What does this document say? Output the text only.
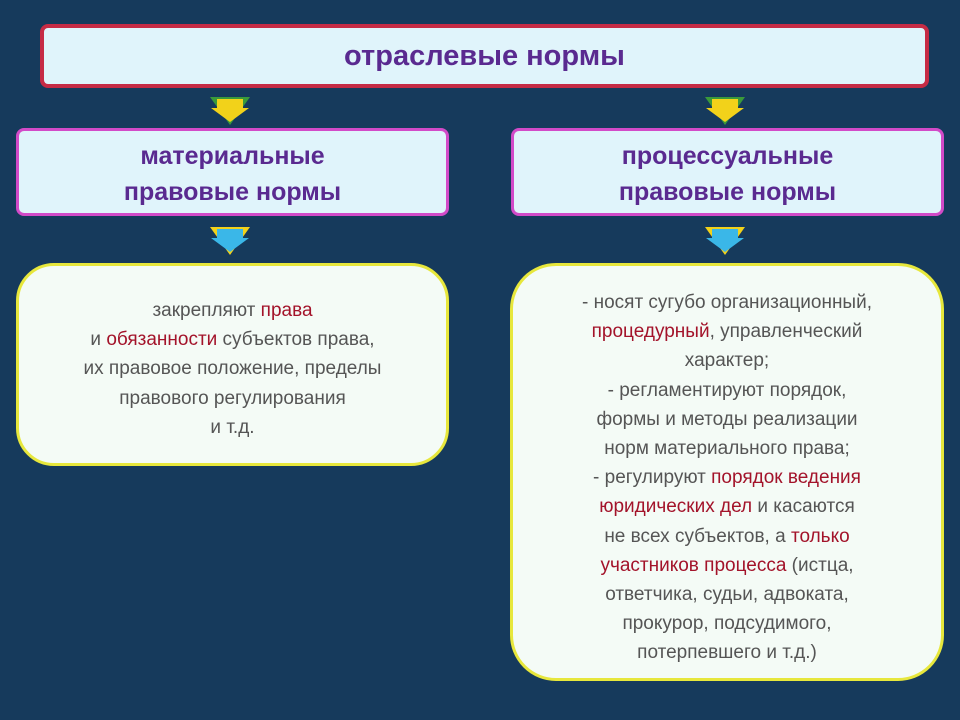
отраслевые нормы
материальные
правовые нормы
процессуальные
правовые нормы
закрепляют права
и обязанности субъектов права,
их правовое положение, пределы
правового регулирования
и т.д.
- носят сугубо организационный,
процедурный, управленческий
характер;
- регламентируют порядок,
формы и методы реализации
норм материального права;
- регулируют порядок ведения
юридических дел и касаются
не всех субъектов, а только
участников процесса (истца,
ответчика, судьи, адвоката,
прокурор, подсудимого,
потерпевшего и т.д.)
